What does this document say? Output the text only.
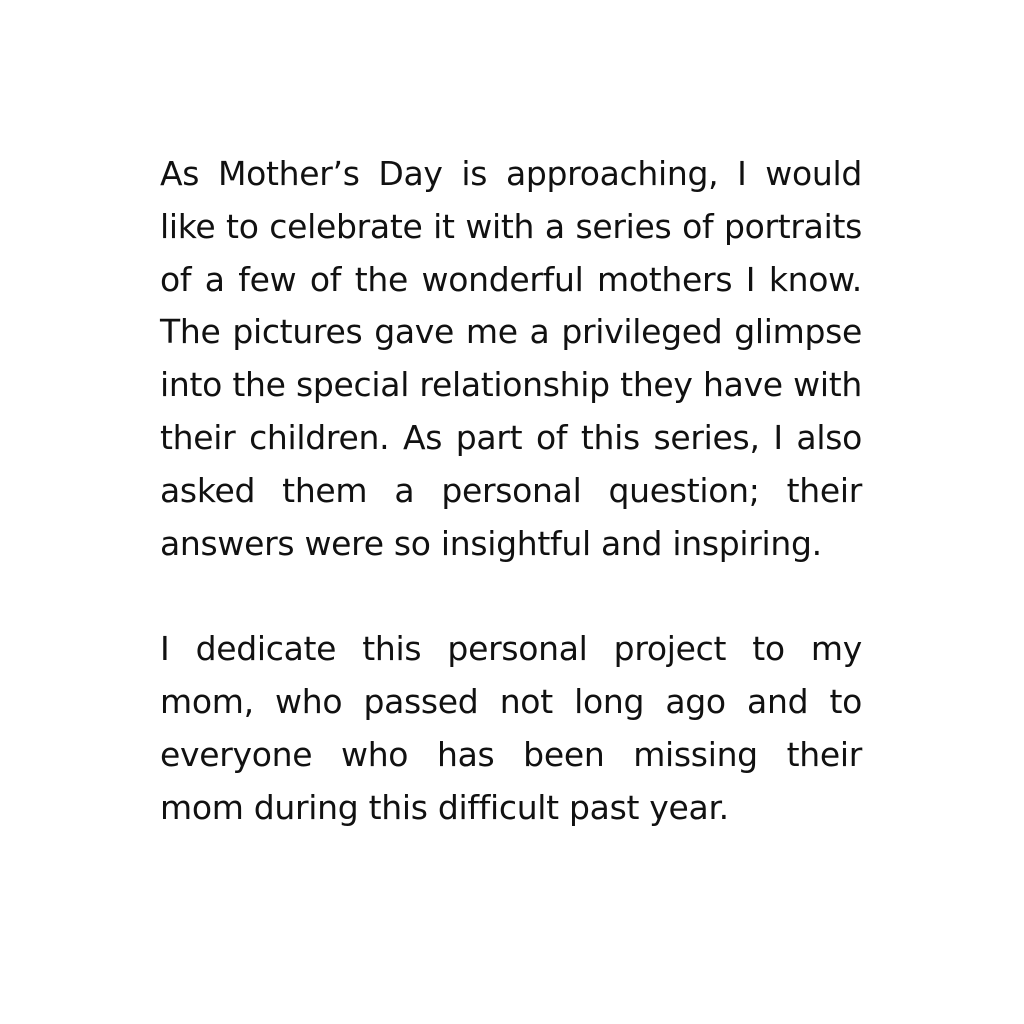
As Mother’s Day is approaching, I would like to celebrate it with a series of portraits of a few of the wonderful mothers I know. The pictures gave me a privileged glimpse into the special relationship they have with their children. As part of this series, I also asked them a personal question; their answers were so insightful and inspiring.

I dedicate this personal project to my mom, who passed not long ago and to everyone who has been missing their mom during this difficult past year.
